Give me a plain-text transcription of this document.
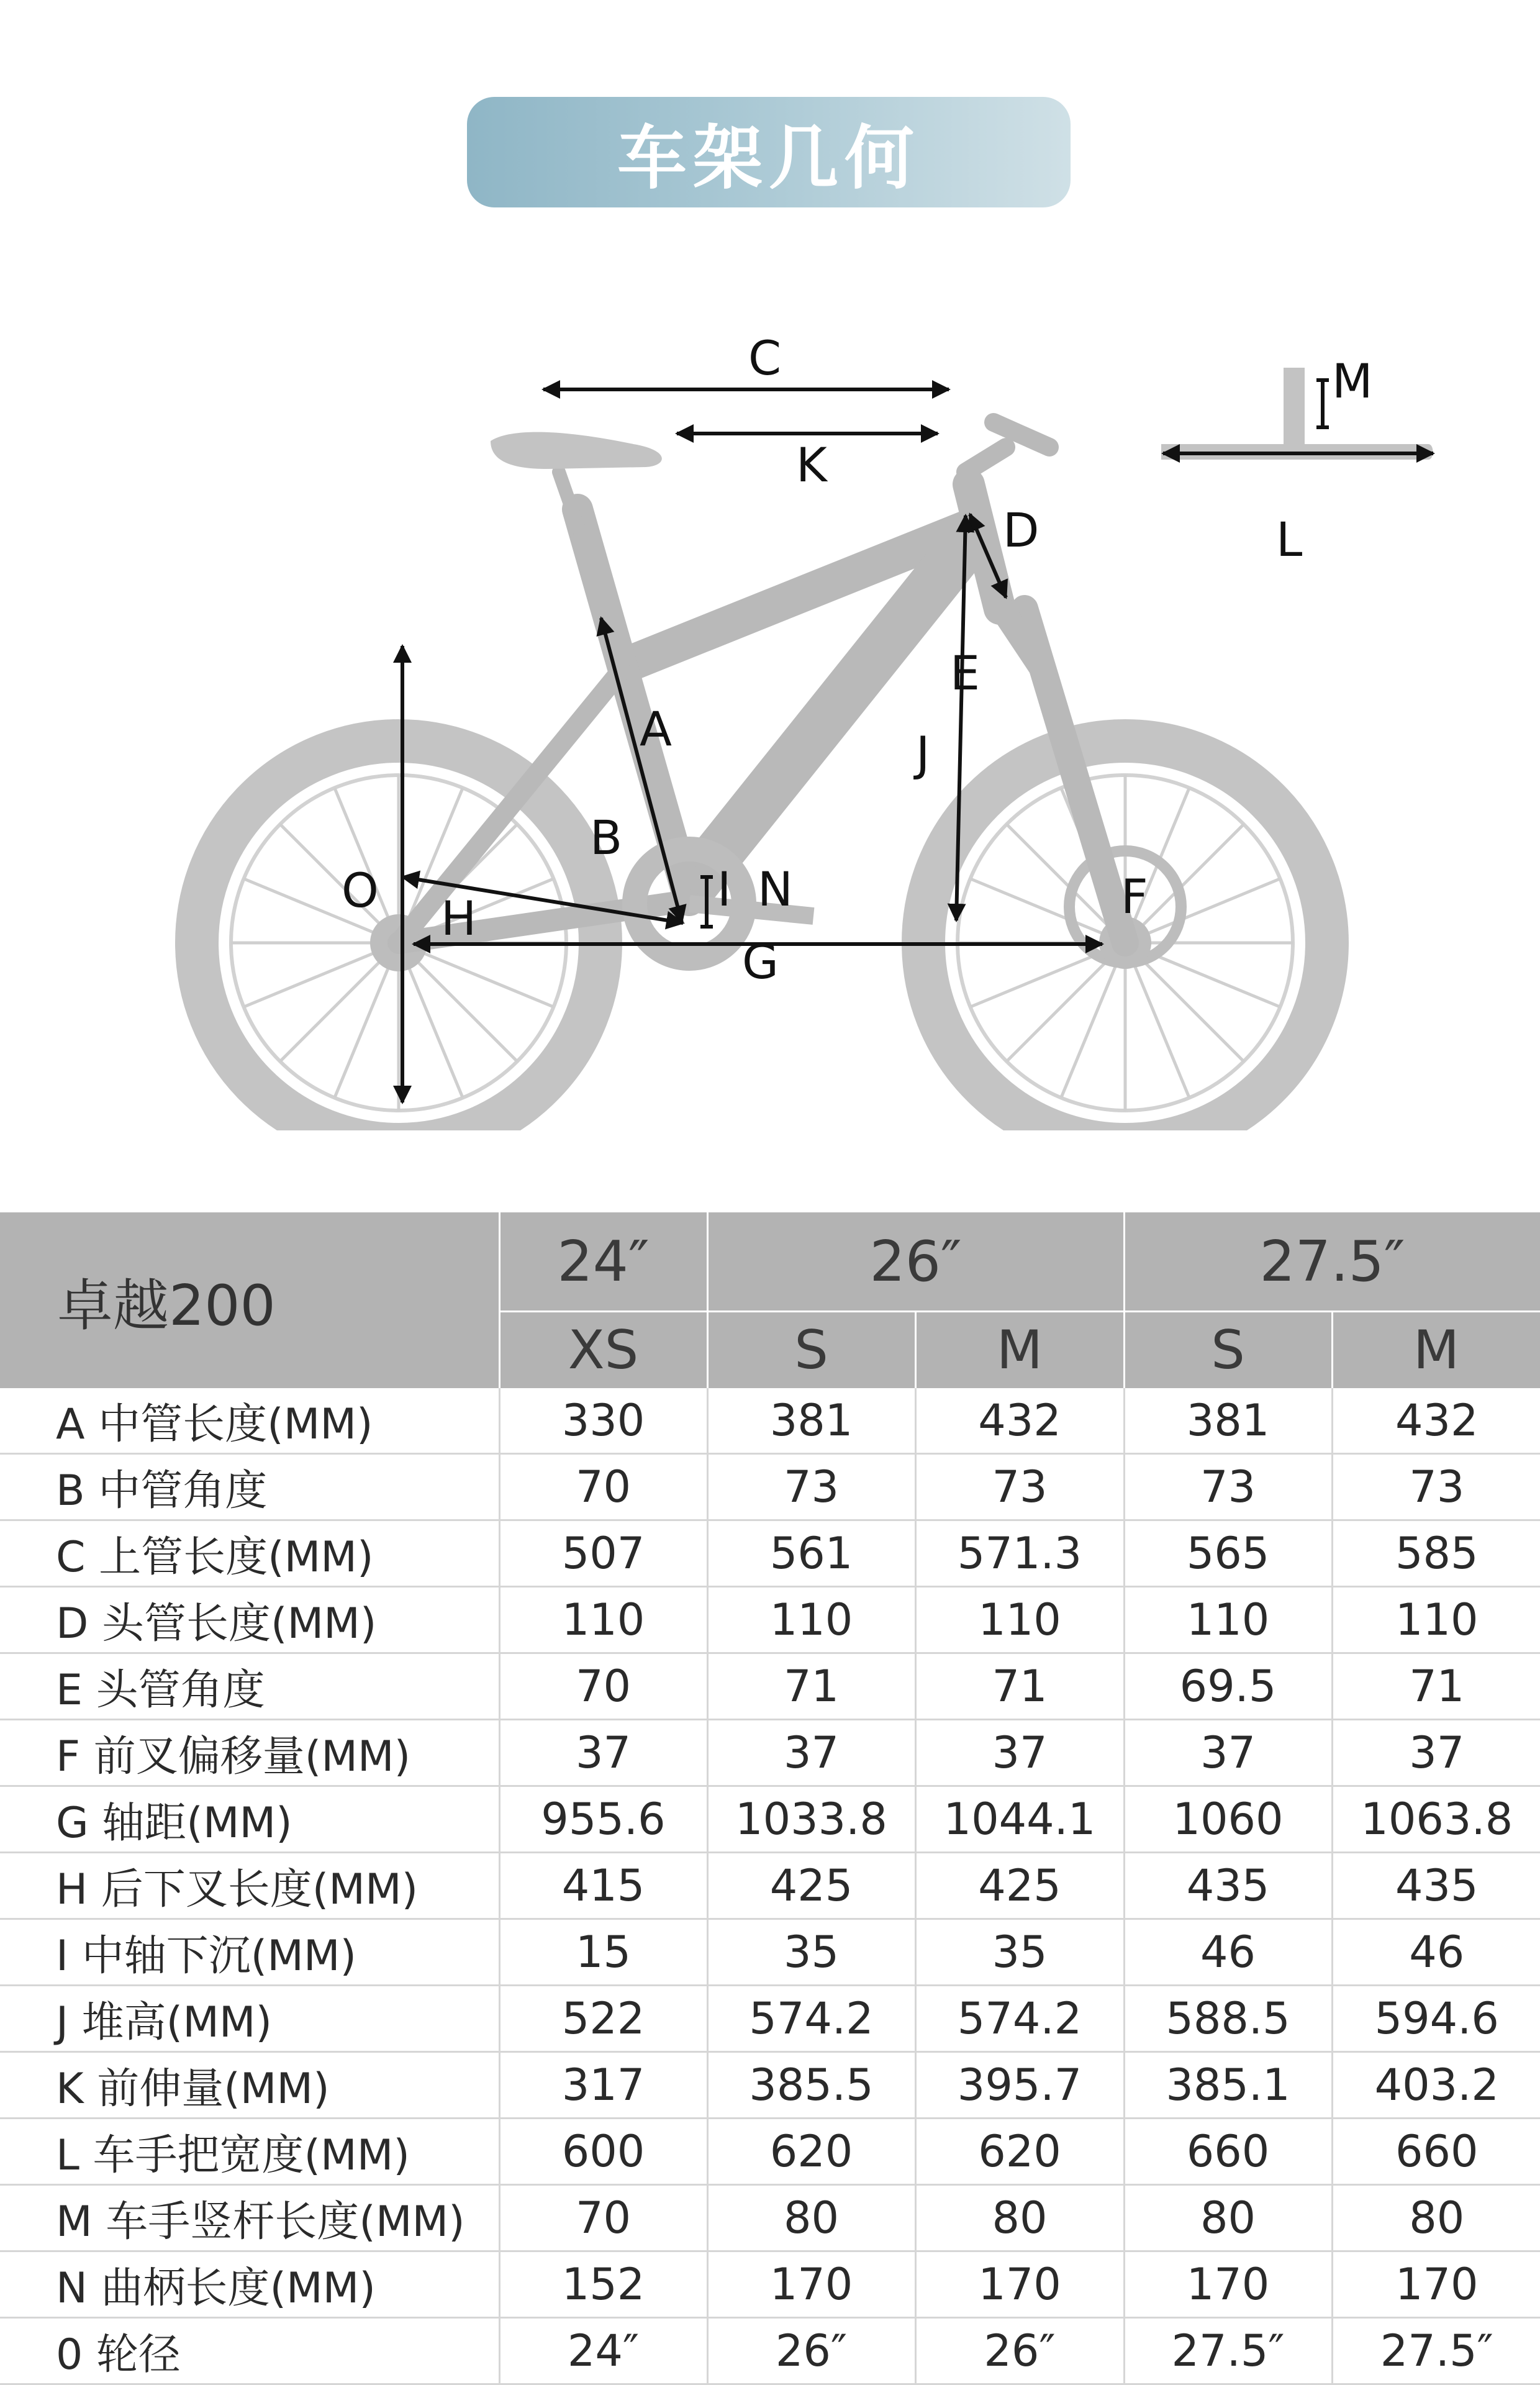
车架几何
C
K
D
E
J
A
B
O
H
I N
G
F
M
L
卓越200	24″	26″		27.5″	
	XS	S	M	S	M
A 中管长度(MM)	330	381	432	381	432
B 中管角度	70	73	73	73	73
C 上管长度(MM)	507	561	571.3	565	585
D 头管长度(MM)	110	110	110	110	110
E 头管角度	70	71	71	69.5	71
F 前叉偏移量(MM)	37	37	37	37	37
G 轴距(MM)	955.6	1033.8	1044.1	1060	1063.8
H 后下叉长度(MM)	415	425	425	435	435
I 中轴下沉(MM)	15	35	35	46	46
J 堆高(MM)	522	574.2	574.2	588.5	594.6
K 前伸量(MM)	317	385.5	395.7	385.1	403.2
L 车手把宽度(MM)	600	620	620	660	660
M 车手竖杆长度(MM)	70	80	80	80	80
N 曲柄长度(MM)	152	170	170	170	170
0 轮径	24″	26″	26″	27.5″	27.5″
